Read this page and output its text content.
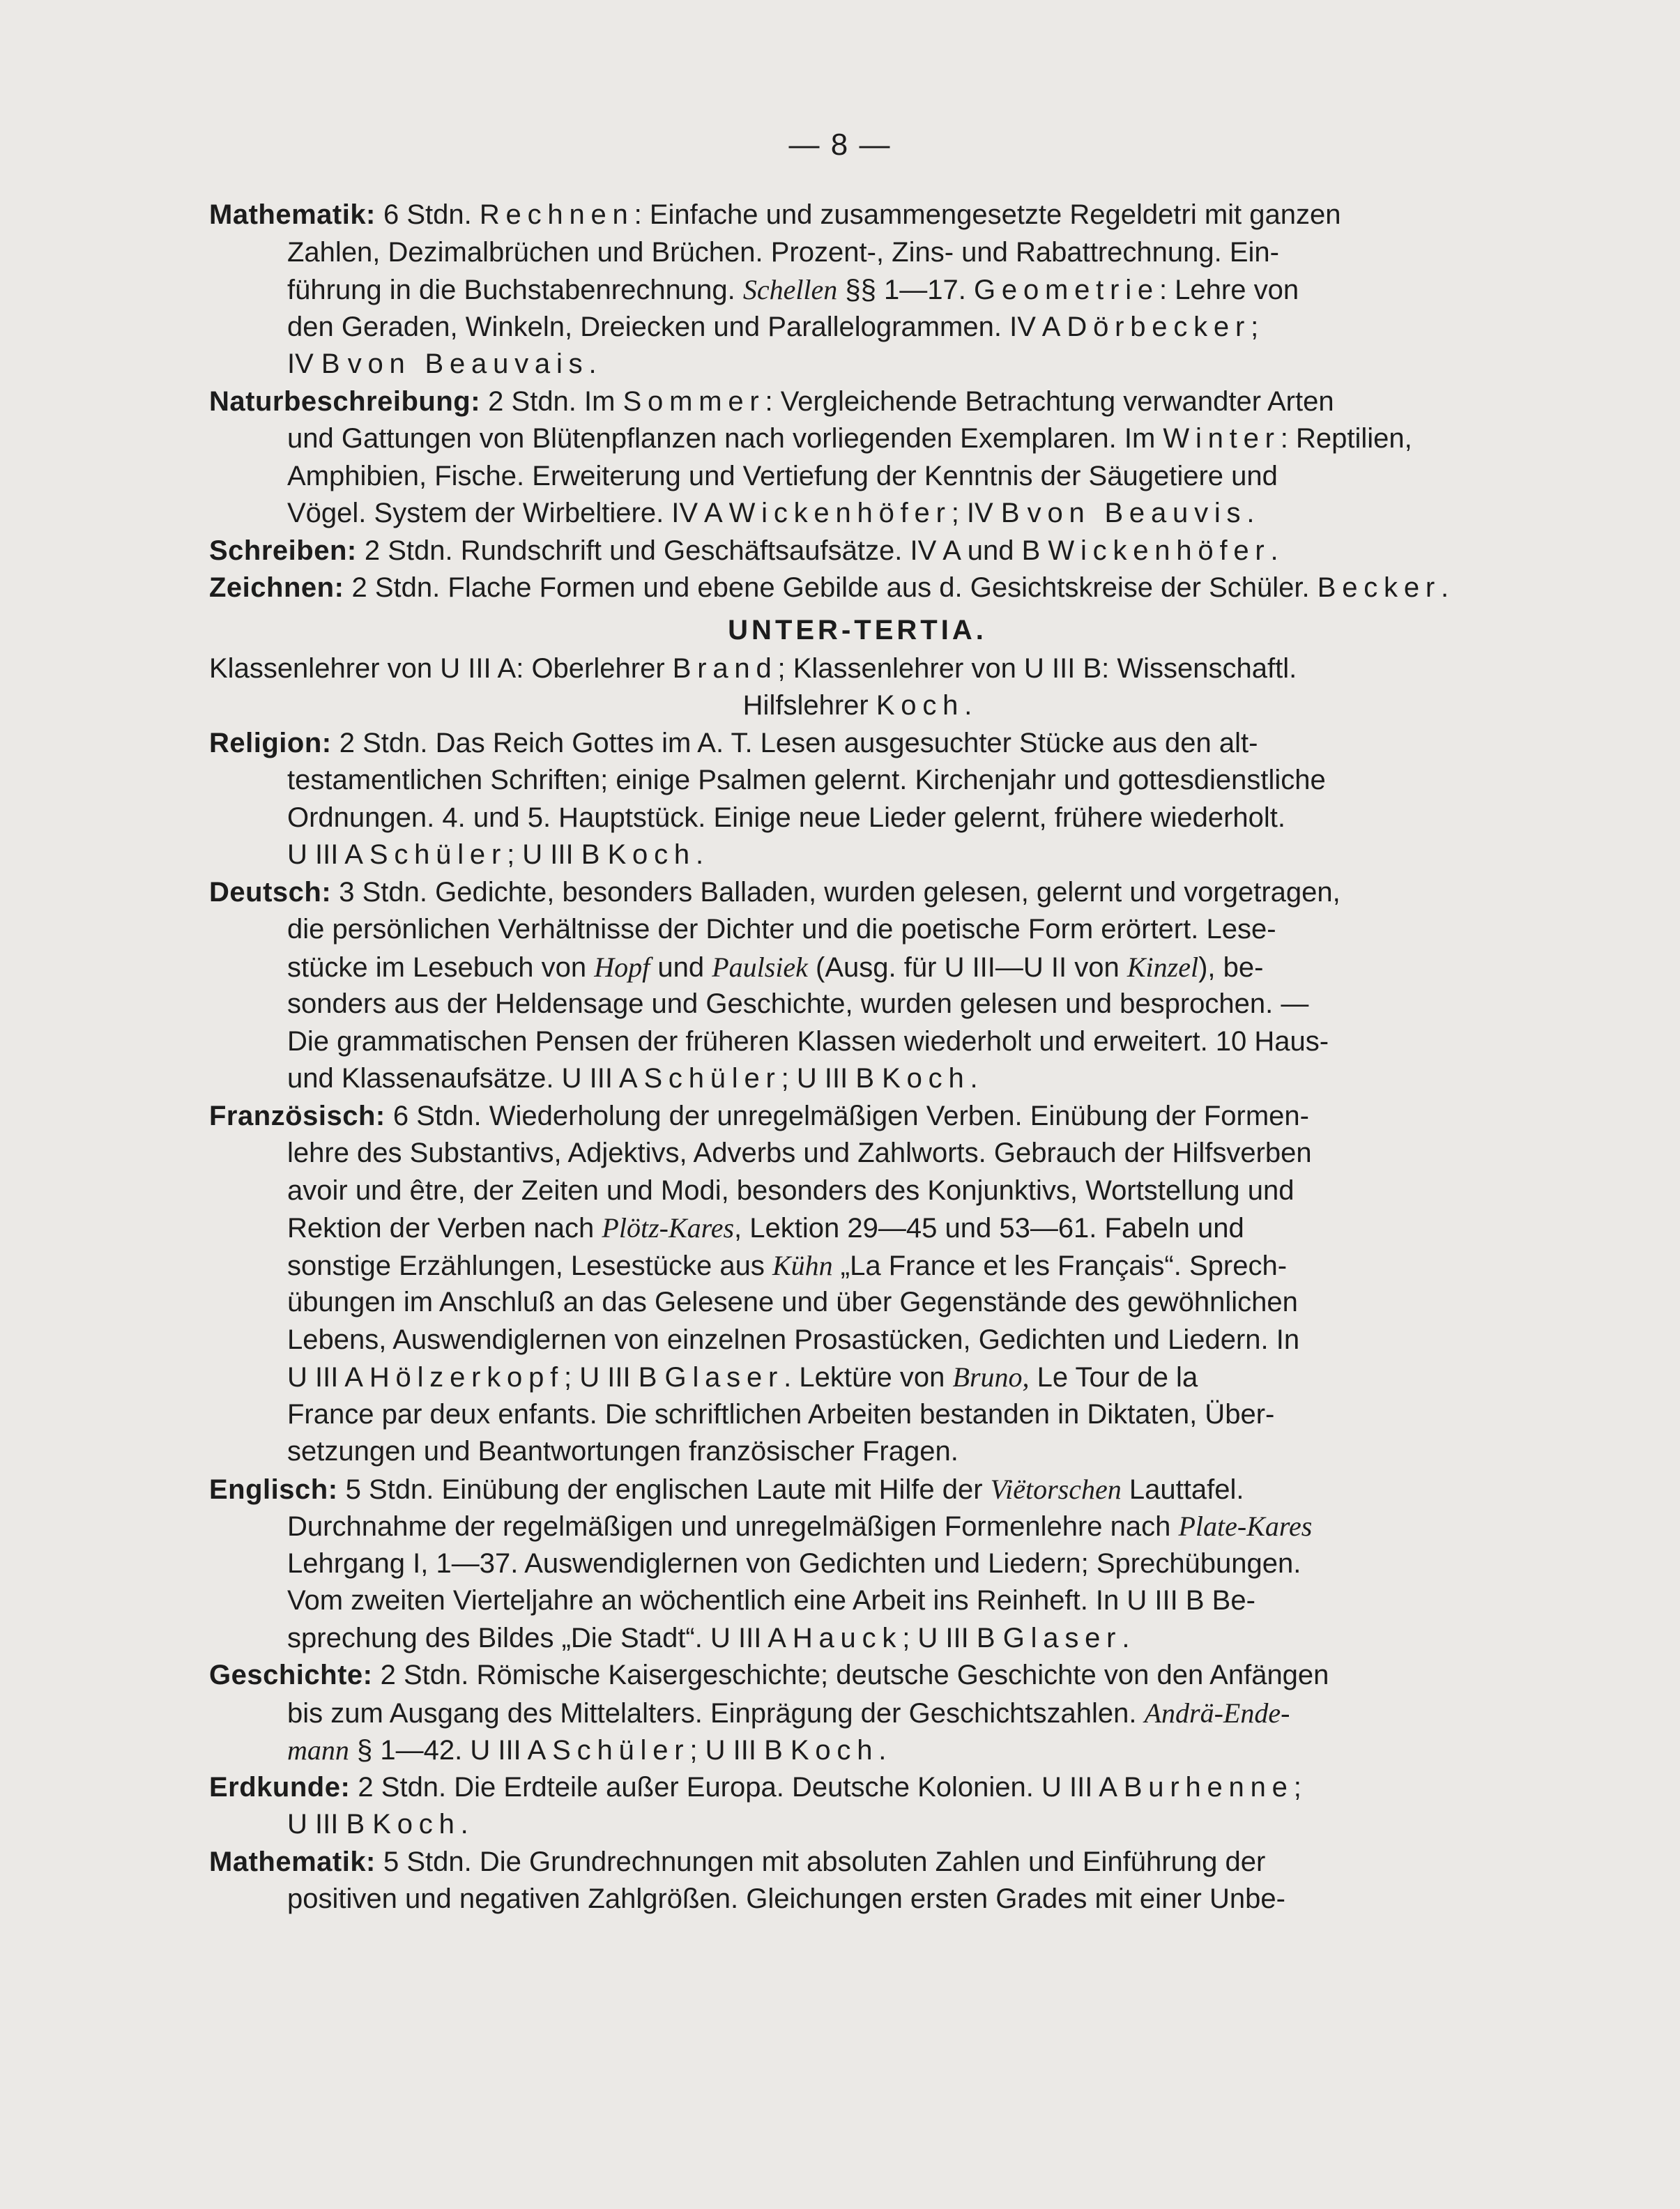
— 8 —
Mathematik: 6 Stdn. Rechnen: Einfache und zusammengesetzte Regeldetri mit ganzen
Zahlen, Dezimalbrüchen und Brüchen. Prozent-, Zins- und Rabattrechnung. Ein-
führung in die Buchstabenrechnung. Schellen §§ 1—17. Geometrie: Lehre von
den Geraden, Winkeln, Dreiecken und Parallelogrammen. IV A Dörbecker;
IV B von Beauvais.
Naturbeschreibung: 2 Stdn. Im Sommer: Vergleichende Betrachtung verwandter Arten
und Gattungen von Blütenpflanzen nach vorliegenden Exemplaren. Im Winter: Reptilien,
Amphibien, Fische. Erweiterung und Vertiefung der Kenntnis der Säugetiere und
Vögel. System der Wirbeltiere. IV A Wickenhöfer; IV B von Beauvis.
Schreiben: 2 Stdn. Rundschrift und Geschäftsaufsätze. IV A und B Wickenhöfer.
Zeichnen: 2 Stdn. Flache Formen und ebene Gebilde aus d. Gesichtskreise der Schüler. Becker.
UNTER-TERTIA.
Klassenlehrer von U III A: Oberlehrer Brand; Klassenlehrer von U III B: Wissenschaftl.
Hilfslehrer Koch.
Religion: 2 Stdn. Das Reich Gottes im A. T. Lesen ausgesuchter Stücke aus den alt-
testamentlichen Schriften; einige Psalmen gelernt. Kirchenjahr und gottesdienstliche
Ordnungen. 4. und 5. Hauptstück. Einige neue Lieder gelernt, frühere wiederholt.
U III A Schüler; U III B Koch.
Deutsch: 3 Stdn. Gedichte, besonders Balladen, wurden gelesen, gelernt und vorgetragen,
die persönlichen Verhältnisse der Dichter und die poetische Form erörtert. Lese-
stücke im Lesebuch von Hopf und Paulsiek (Ausg. für U III—U II von Kinzel), be-
sonders aus der Heldensage und Geschichte, wurden gelesen und besprochen. —
Die grammatischen Pensen der früheren Klassen wiederholt und erweitert. 10 Haus-
und Klassenaufsätze. U III A Schüler; U III B Koch.
Französisch: 6 Stdn. Wiederholung der unregelmäßigen Verben. Einübung der Formen-
lehre des Substantivs, Adjektivs, Adverbs und Zahlworts. Gebrauch der Hilfsverben
avoir und être, der Zeiten und Modi, besonders des Konjunktivs, Wortstellung und
Rektion der Verben nach Plötz-Kares, Lektion 29—45 und 53—61. Fabeln und
sonstige Erzählungen, Lesestücke aus Kühn „La France et les Français“. Sprech-
übungen im Anschluß an das Gelesene und über Gegenstände des gewöhnlichen
Lebens, Auswendiglernen von einzelnen Prosastücken, Gedichten und Liedern. In
U III A Hölzerkopf; U III B Glaser. Lektüre von Bruno, Le Tour de la
France par deux enfants. Die schriftlichen Arbeiten bestanden in Diktaten, Über-
setzungen und Beantwortungen französischer Fragen.
Englisch: 5 Stdn. Einübung der englischen Laute mit Hilfe der Viëtorschen Lauttafel.
Durchnahme der regelmäßigen und unregelmäßigen Formenlehre nach Plate-Kares
Lehrgang I, 1—37. Auswendiglernen von Gedichten und Liedern; Sprechübungen.
Vom zweiten Vierteljahre an wöchentlich eine Arbeit ins Reinheft. In U III B Be-
sprechung des Bildes „Die Stadt“. U III A Hauck; U III B Glaser.
Geschichte: 2 Stdn. Römische Kaisergeschichte; deutsche Geschichte von den Anfängen
bis zum Ausgang des Mittelalters. Einprägung der Geschichtszahlen. Andrä-Ende-
mann § 1—42. U III A Schüler; U III B Koch.
Erdkunde: 2 Stdn. Die Erdteile außer Europa. Deutsche Kolonien. U III A Burhenne;
U III B Koch.
Mathematik: 5 Stdn. Die Grundrechnungen mit absoluten Zahlen und Einführung der
positiven und negativen Zahlgrößen. Gleichungen ersten Grades mit einer Unbe-
